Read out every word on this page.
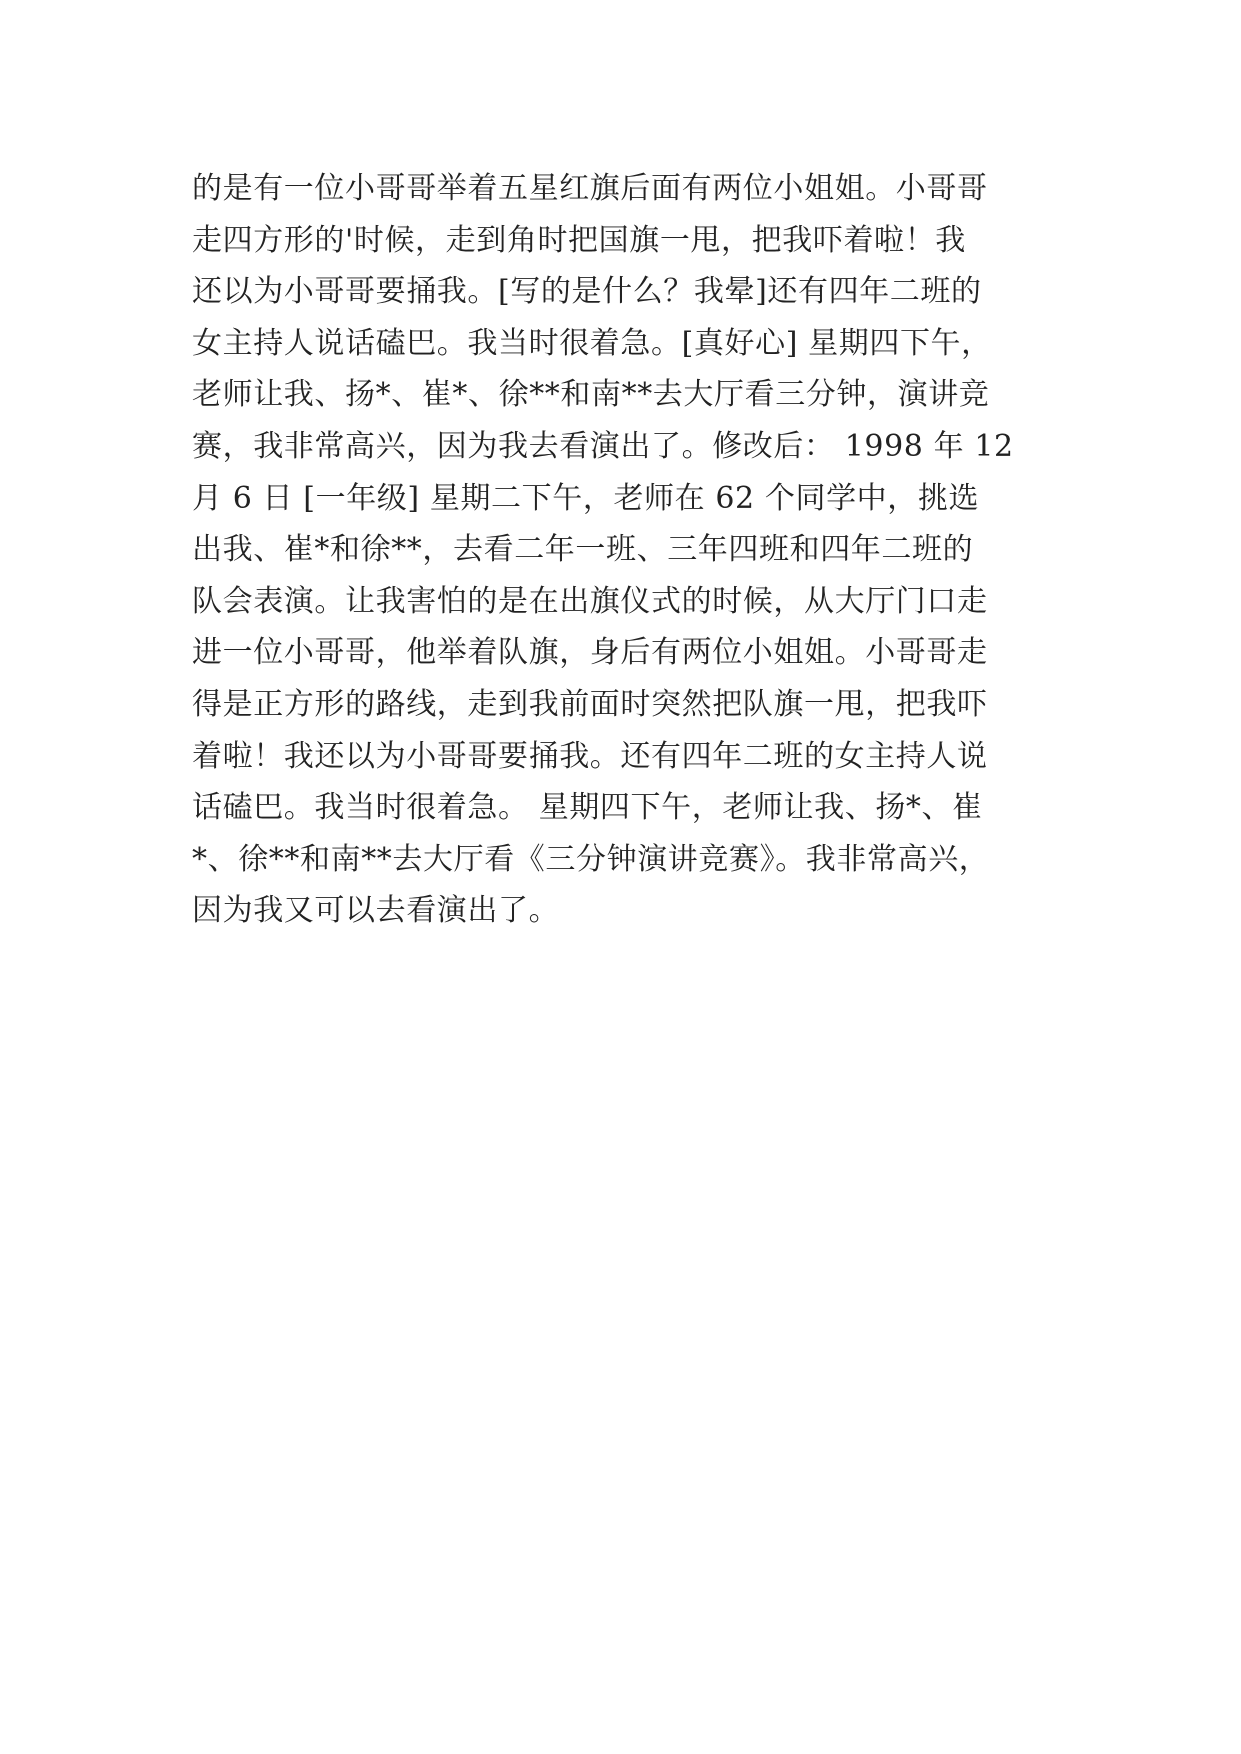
的是有一位小哥哥举着五星红旗后面有两位小姐姐。小哥哥
走四方形的'时候，走到角时把国旗一甩，把我吓着啦！我
还以为小哥哥要捅我。[写的是什么？我晕]还有四年二班的
女主持人说话磕巴。我当时很着急。[真好心] 星期四下午，
老师让我、扬*、崔*、徐**和南**去大厅看三分钟，演讲竞
赛，我非常高兴，因为我去看演出了。修改后： 1998 年 12
月 6 日 [一年级] 星期二下午，老师在 62 个同学中，挑选
出我、崔*和徐**，去看二年一班、三年四班和四年二班的
队会表演。让我害怕的是在出旗仪式的时候，从大厅门口走
进一位小哥哥，他举着队旗，身后有两位小姐姐。小哥哥走
得是正方形的路线，走到我前面时突然把队旗一甩，把我吓
着啦！我还以为小哥哥要捅我。还有四年二班的女主持人说
话磕巴。我当时很着急。 星期四下午，老师让我、扬*、崔
*、徐**和南**去大厅看《三分钟演讲竞赛》。我非常高兴，
因为我又可以去看演出了。
